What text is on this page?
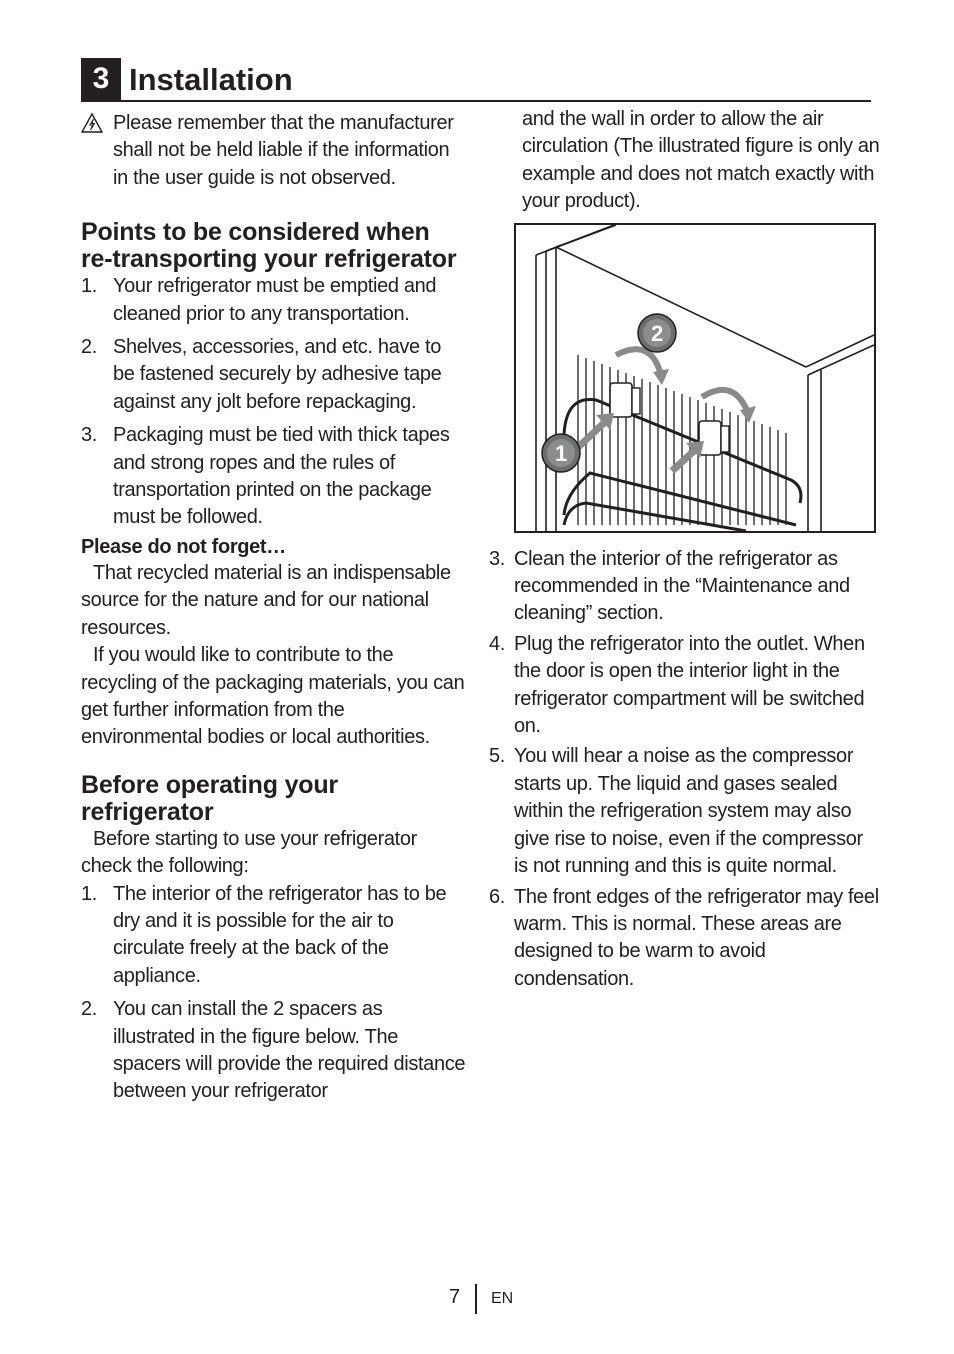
3 Installation
Please remember that the manufacturer shall not be held liable if the information in the user guide is not observed.
Points to be considered when re-transporting your refrigerator
1. Your refrigerator must be emptied and cleaned prior to any transportation.
2. Shelves, accessories, and etc. have to be fastened securely by adhesive tape against any jolt before repackaging.
3. Packaging must be tied with thick tapes and strong ropes and the rules of transportation printed on the package must be followed.
Please do not forget…
That recycled material is an indispensable source for the nature and for our national resources.
If you would like to contribute to the recycling of the packaging materials, you can get further information from the environmental bodies or local authorities.
Before operating your refrigerator
Before starting to use your refrigerator check the following:
1. The interior of the refrigerator has to be dry and it is possible for the air to circulate freely at the back of the appliance.
2. You can install the 2 spacers as illustrated in the figure below. The spacers will provide the required distance between your refrigerator
and the wall in order to allow the air circulation (The illustrated figure is only an example and does not match exactly with your product).
2
1
3. Clean the interior of the refrigerator as recommended in the “Maintenance and cleaning” section.
4. Plug the refrigerator into the outlet. When the door is open the interior light in the refrigerator compartment will be switched on.
5. You will hear a noise as the compressor starts up. The liquid and gases sealed within the refrigeration system may also give rise to noise, even if the compressor is not running and this is quite normal.
6. The front edges of the refrigerator may feel warm. This is normal. These areas are designed to be warm to avoid condensation.
7 EN
